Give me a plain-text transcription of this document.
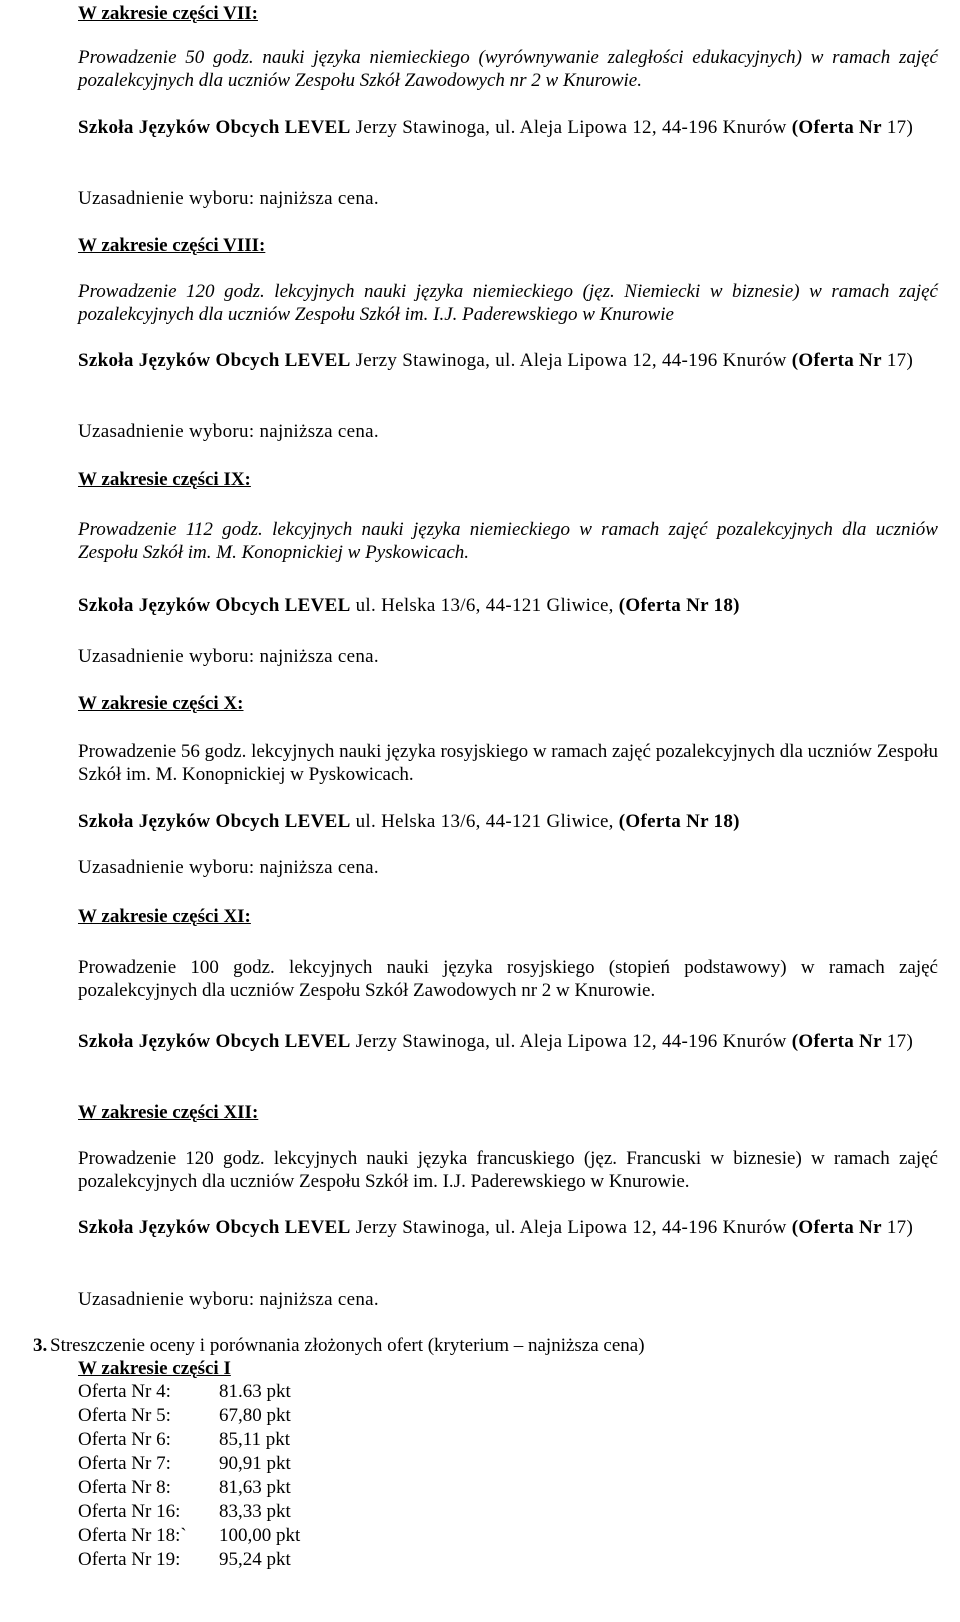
W zakresie części VII:
Prowadzenie 50 godz. nauki języka niemieckiego (wyrównywanie zaległości edukacyjnych) w ramach zajęć pozalekcyjnych dla uczniów Zespołu Szkół Zawodowych nr 2 w Knurowie.
Szkoła Języków Obcych LEVEL Jerzy Stawinoga, ul. Aleja Lipowa 12, 44-196 Knurów (Oferta Nr 17)
Uzasadnienie wyboru: najniższa cena.
W zakresie części VIII:
Prowadzenie 120 godz. lekcyjnych nauki języka niemieckiego (jęz. Niemiecki w biznesie) w ramach zajęć pozalekcyjnych dla uczniów Zespołu Szkół im. I.J. Paderewskiego w Knurowie
Szkoła Języków Obcych LEVEL Jerzy Stawinoga, ul. Aleja Lipowa 12, 44-196 Knurów (Oferta Nr 17)
Uzasadnienie wyboru: najniższa cena.
W zakresie części IX:
Prowadzenie 112 godz. lekcyjnych nauki języka niemieckiego w ramach zajęć pozalekcyjnych dla uczniów Zespołu Szkół im. M. Konopnickiej w Pyskowicach.
Szkoła Języków Obcych LEVEL ul. Helska 13/6, 44-121 Gliwice, (Oferta Nr 18)
Uzasadnienie wyboru: najniższa cena.
W zakresie części X:
Prowadzenie 56 godz. lekcyjnych nauki języka rosyjskiego w ramach zajęć pozalekcyjnych dla uczniów Zespołu Szkół im. M. Konopnickiej w Pyskowicach.
Szkoła Języków Obcych LEVEL ul. Helska 13/6, 44-121 Gliwice, (Oferta Nr 18)
Uzasadnienie wyboru: najniższa cena.
W zakresie części XI:
Prowadzenie 100 godz. lekcyjnych nauki języka rosyjskiego (stopień podstawowy) w ramach zajęć pozalekcyjnych dla uczniów Zespołu Szkół Zawodowych nr 2 w Knurowie.
Szkoła Języków Obcych LEVEL Jerzy Stawinoga, ul. Aleja Lipowa 12, 44-196 Knurów (Oferta Nr 17)
W zakresie części XII:
Prowadzenie 120 godz. lekcyjnych nauki języka francuskiego (jęz. Francuski w biznesie) w ramach zajęć pozalekcyjnych dla uczniów Zespołu Szkół im. I.J. Paderewskiego w Knurowie.
Szkoła Języków Obcych LEVEL Jerzy Stawinoga, ul. Aleja Lipowa 12, 44-196 Knurów (Oferta Nr 17)
Uzasadnienie wyboru: najniższa cena.
3. Streszczenie oceny i porównania złożonych ofert (kryterium – najniższa cena)
W zakresie części I
Oferta Nr 4:	81.63 pkt
Oferta Nr 5:	67,80 pkt
Oferta Nr 6:	85,11 pkt
Oferta Nr 7:	90,91 pkt
Oferta Nr 8:	81,63 pkt
Oferta Nr 16:	83,33 pkt
Oferta Nr 18:`	100,00 pkt
Oferta Nr 19:	95,24 pkt
